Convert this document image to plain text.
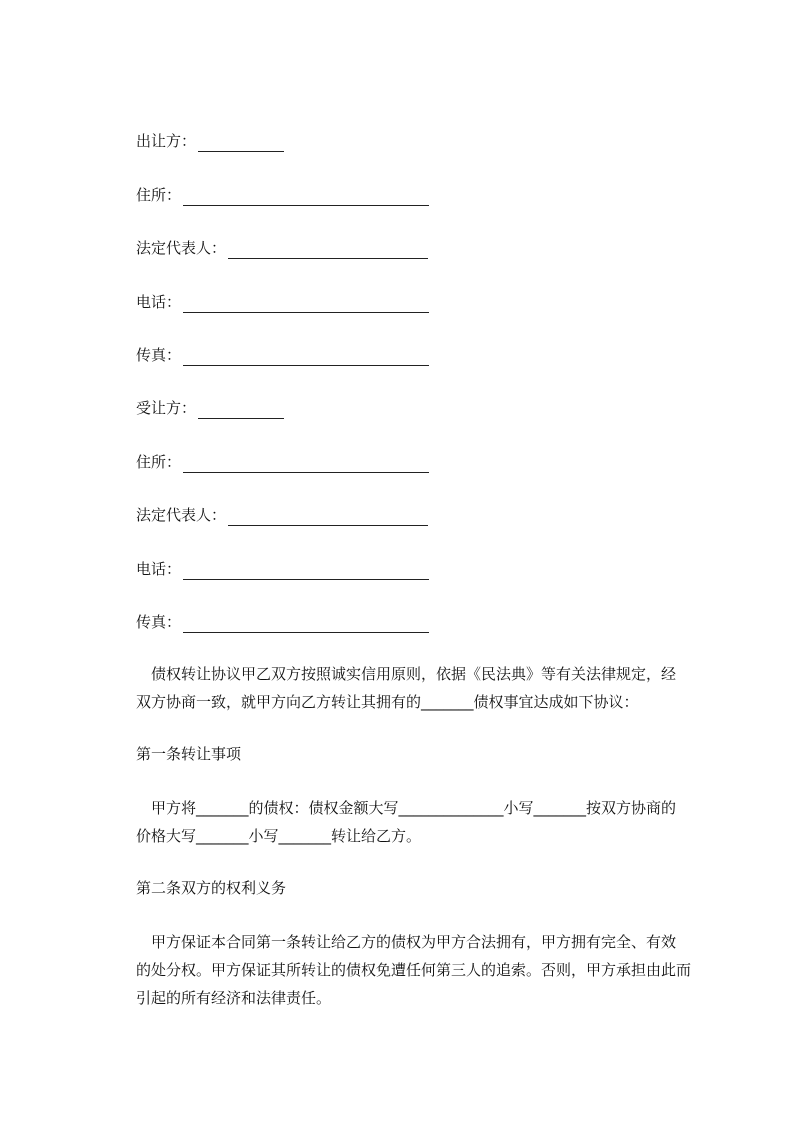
出让方：
住所：
法定代表人：
电话：
传真：
受让方：
住所：
法定代表人：
电话：
传真：
　债权转让协议甲乙双方按照诚实信用原则，依据《民法典》等有关法律规定，经
双方协商一致，就甲方向乙方转让其拥有的_______债权事宜达成如下协议：
第一条转让事项
　甲方将_______的债权：债权金额大写______________小写_______按双方协商的
价格大写_______小写_______转让给乙方。
第二条双方的权利义务
　甲方保证本合同第一条转让给乙方的债权为甲方合法拥有，甲方拥有完全、有效
的处分权。甲方保证其所转让的债权免遭任何第三人的追索。否则，甲方承担由此而
引起的所有经济和法律责任。
